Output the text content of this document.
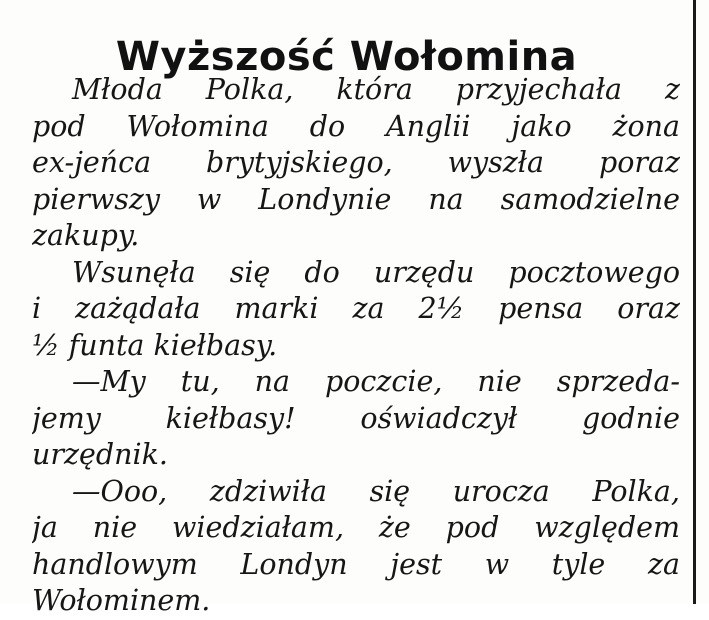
Wyższość Wołomina

Młoda Polka, która przyjechała z
pod Wołomina do Anglii jako żona
ex-jeńca brytyjskiego, wyszła poraz
pierwszy w Londynie na samodzielne
zakupy.

Wsunęła się do urzędu pocztowego
i zażądała marki za 2½ pensa oraz
½ funta kiełbasy.

—My tu, na poczcie, nie sprzeda-
jemy kiełbasy! oświadczył godnie
urzędnik.

—Ooo, zdziwiła się urocza Polka,
ja nie wiedziałam, że pod względem
handlowym Londyn jest w tyle za
Wołominem.
